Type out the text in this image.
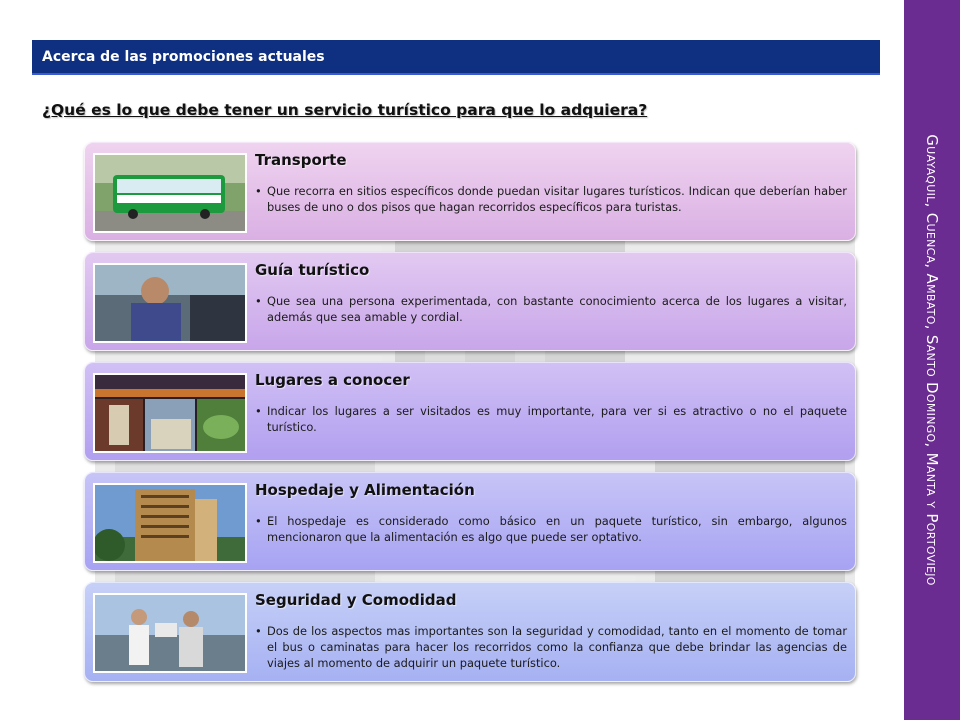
Acerca de las promociones actuales
¿Qué es lo que debe tener un servicio turístico para que lo adquiera?
Transporte
• Que recorra en sitios específicos donde puedan visitar lugares turísticos. Indican que deberían haber buses de uno o dos pisos que hagan recorridos específicos para turistas.
Guía turístico
• Que sea una persona experimentada, con bastante conocimiento acerca de los lugares a visitar, además que sea amable y cordial.
Lugares a conocer
• Indicar los lugares a ser visitados es muy importante, para ver si es atractivo o no el paquete turístico.
Hospedaje y Alimentación
• El hospedaje es considerado como básico en un paquete turístico, sin embargo, algunos mencionaron que la alimentación es algo que puede ser optativo.
Seguridad y Comodidad
• Dos de los aspectos mas importantes son la seguridad y comodidad, tanto en el momento de tomar el bus o caminatas para hacer los recorridos como la confianza que debe brindar las agencias de viajes al momento de adquirir un paquete turístico.
Guayaquil, Cuenca, Ambato, Santo Domingo, Manta y Portoviejo
